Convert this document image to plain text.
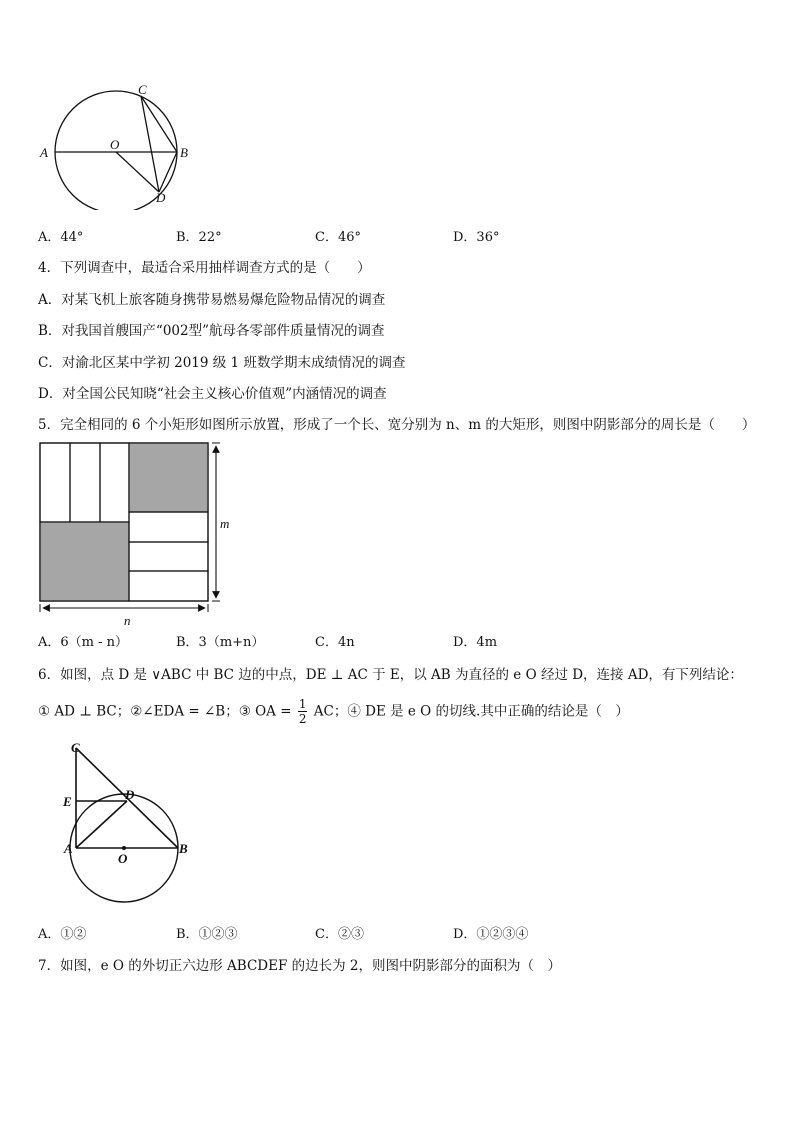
A	B
C
D
O
A．44°	B．22°	C．46°	D．36°
4．下列调查中，最适合采用抽样调查方式的是（　　）
A．对某飞机上旅客随身携带易燃易爆危险物品情况的调查
B．对我国首艘国产“002型”航母各零部件质量情况的调查
C．对渝北区某中学初 2019 级 1 班数学期末成绩情况的调查
D．对全国公民知晓“社会主义核心价值观”内涵情况的调查
5．完全相同的 6 个小矩形如图所示放置，形成了一个长、宽分别为 n、m 的大矩形，则图中阴影部分的周长是（　　）
m
n
A．6（m - n）	B．3（m+n）	C．4n	D．4m
6．如图，点 D 是 ∨ABC 中 BC 边的中点，DE ⊥ AC 于 E，以 AB 为直径的 e O 经过 D，连接 AD，有下列结论：
① AD ⊥ BC；②∠EDA = ∠B；③ OA = $\frac{1}{2}$ AC；④ DE 是 e O 的切线.其中正确的结论是（　）
C
E	D
A
O
B
A．①②	B．①②③	C．②③	D．①②③④
7．如图，e O 的外切正六边形 ABCDEF 的边长为 2，则图中阴影部分的面积为（　）
